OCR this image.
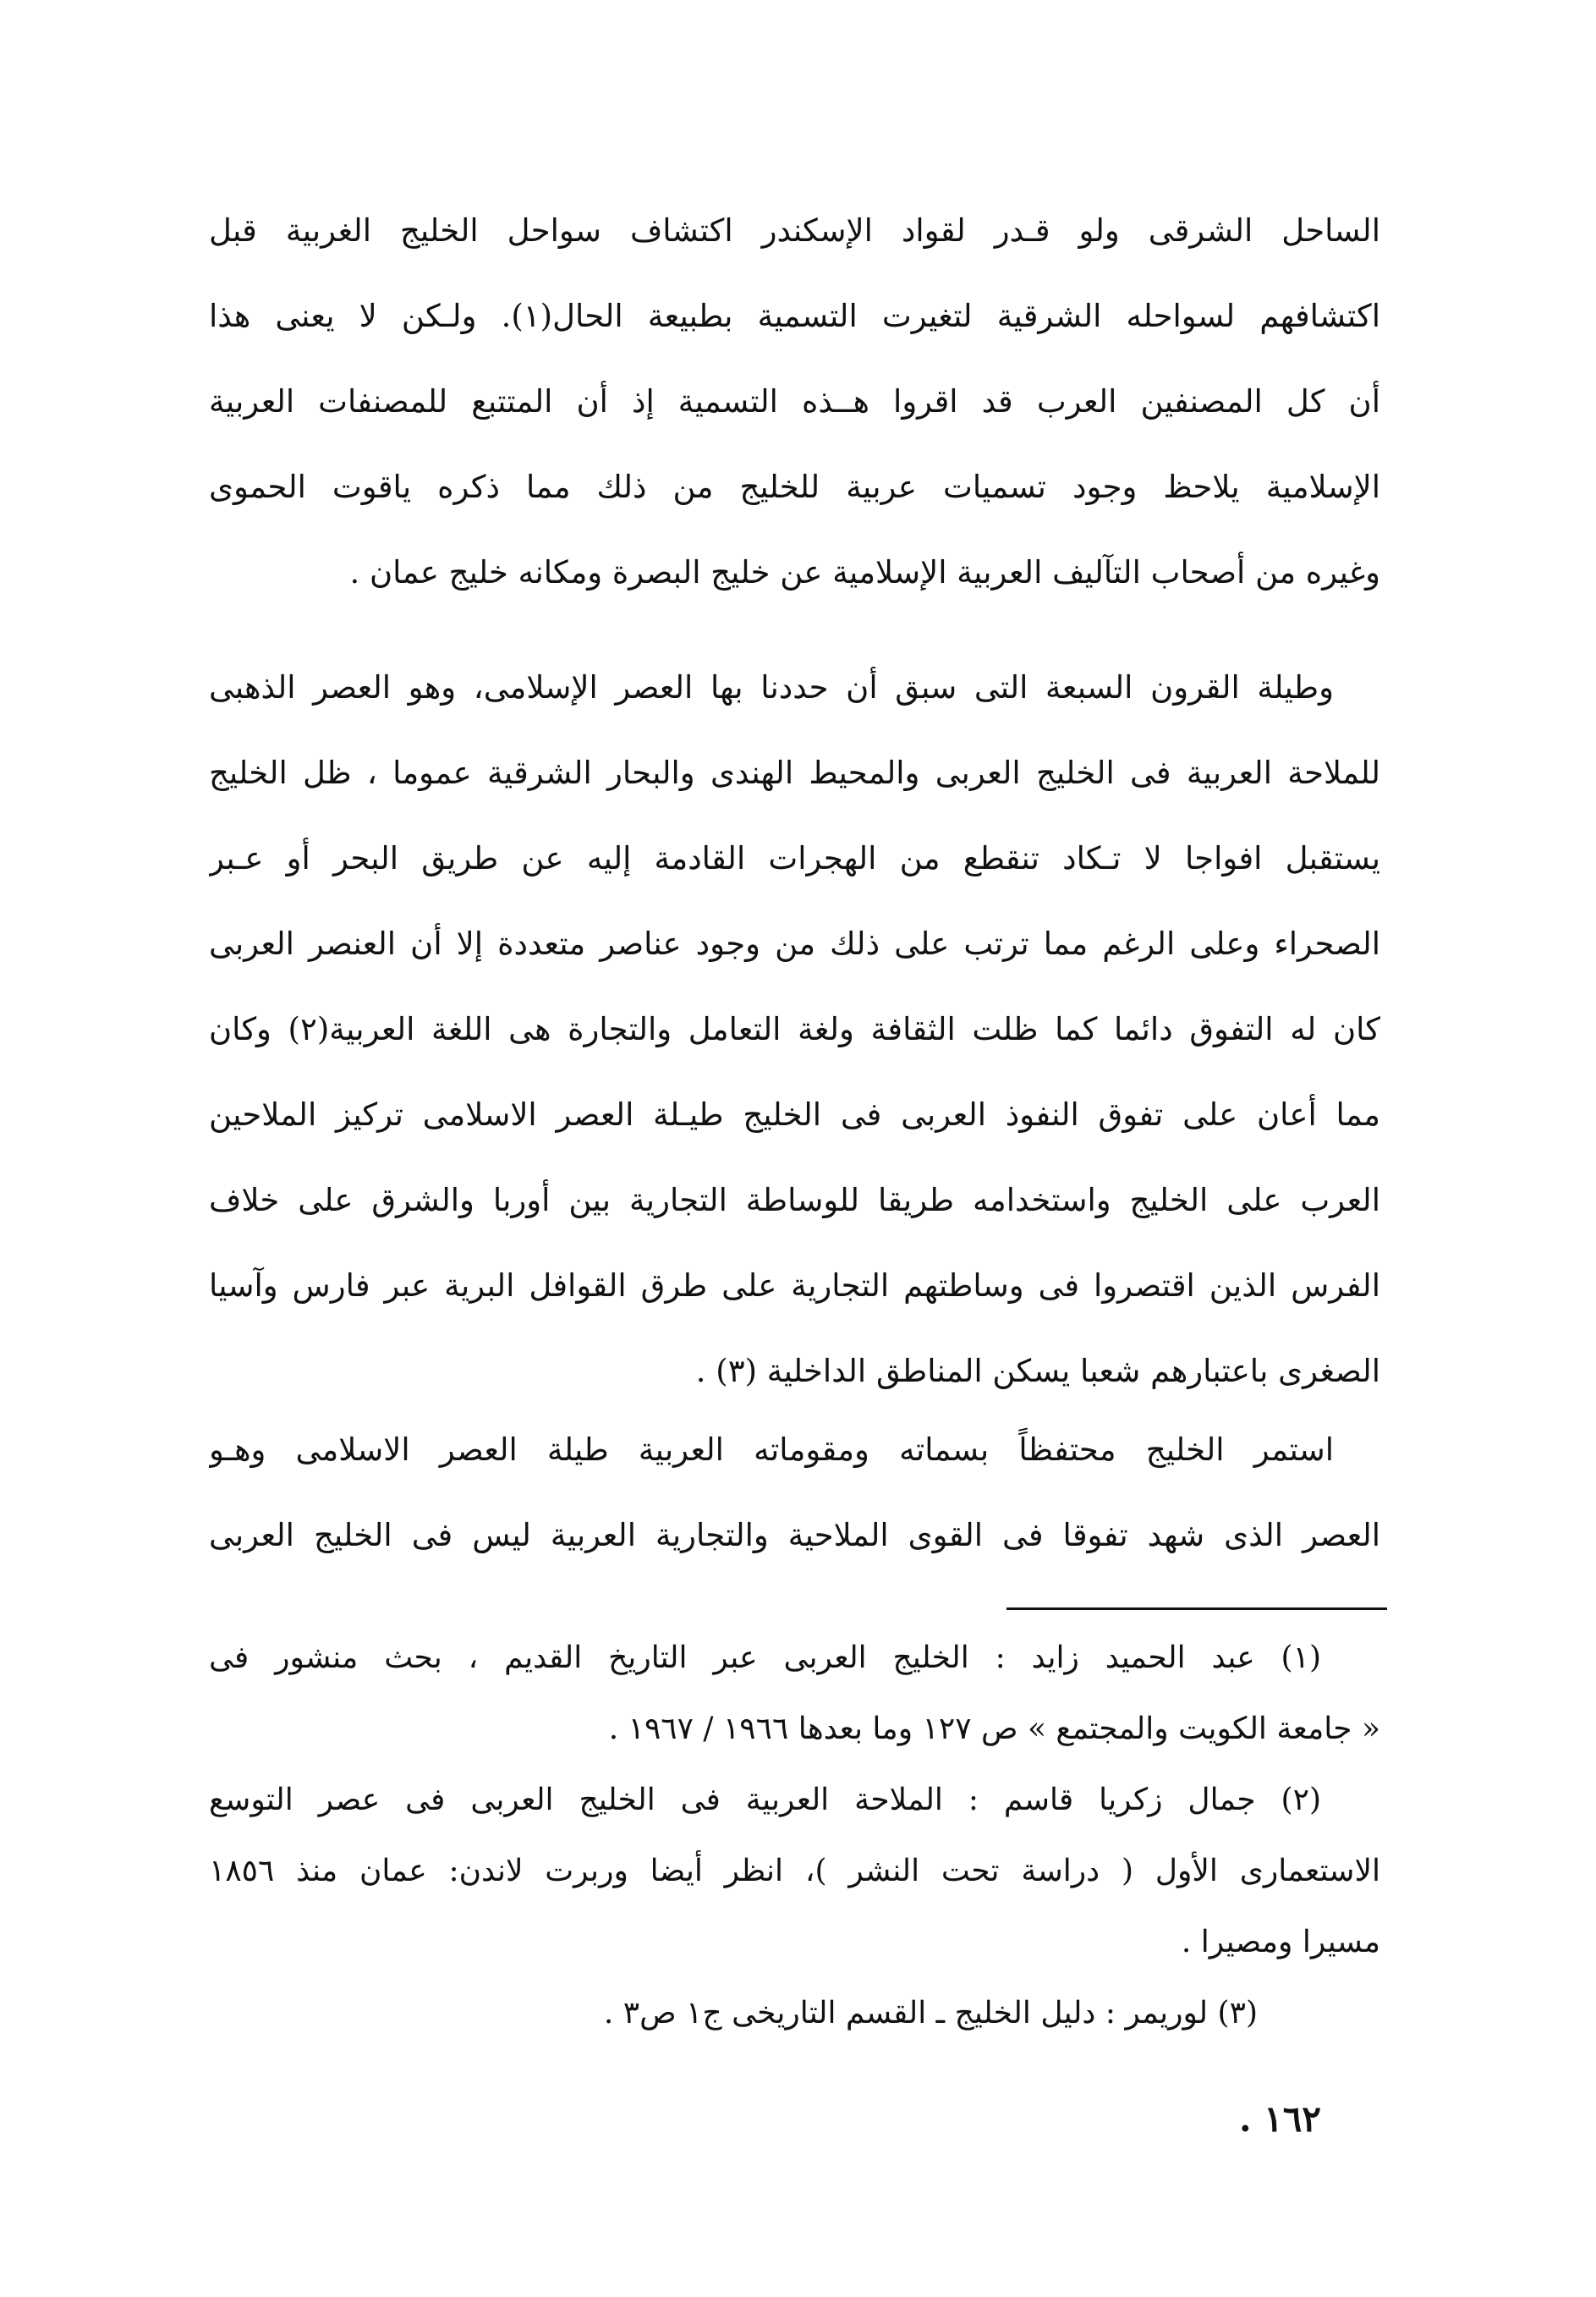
الساحل الشرقى ولو قـدر لقواد الإسكندر اكتشاف سواحل الخليج الغربية قبل
اكتشافهم لسواحله الشرقية لتغيرت التسمية بطبيعة الحال(١). ولـكن لا يعنى هذا
أن كل المصنفين العرب قد اقروا هــذه التسمية إذ أن المتتبع للمصنفات العربية
الإسلامية يلاحظ وجود تسميات عربية للخليج من ذلك مما ذكره ياقوت الحموى
وغيره من أصحاب التآليف العربية الإسلامية عن خليج البصرة ومكانه خليج عمان .
وطيلة القرون السبعة التى سبق أن حددنا بها العصر الإسلامى، وهو العصر الذهبى
للملاحة العربية فى الخليج العربى والمحيط الهندى والبحار الشرقية عموما ، ظل الخليج
يستقبل افواجا لا تـكاد تنقطع من الهجرات القادمة إليه عن طريق البحر أو عـبر
الصحراء وعلى الرغم مما ترتب على ذلك من وجود عناصر متعددة إلا أن العنصر العربى
كان له التفوق دائما كما ظلت الثقافة ولغة التعامل والتجارة هى اللغة العربية(٢) وكان
مما أعان على تفوق النفوذ العربى فى الخليج طيـلة العصر الاسلامى تركيز الملاحين
العرب على الخليج واستخدامه طريقا للوساطة التجارية بين أوربا والشرق على خلاف
الفرس الذين اقتصروا فى وساطتهم التجارية على طرق القوافل البرية عبر فارس وآسيا
الصغرى باعتبارهم شعبا يسكن المناطق الداخلية (٣) .
استمر الخليج محتفظاً بسماته ومقوماته العربية طيلة العصر الاسلامى وهـو
العصر الذى شهد تفوقا فى القوى الملاحية والتجارية العربية ليس فى الخليج العربى
(١) عبد الحميد زايد : الخليج العربى عبر التاريخ القديم ، بحث منشور فى
« جامعة الكويت والمجتمع » ص ١٢٧ وما بعدها ١٩٦٦ / ١٩٦٧ .
(٢) جمال زكريا قاسم : الملاحة العربية فى الخليج العربى فى عصر التوسع
الاستعمارى الأول ( دراسة تحت النشر )، انظر أيضا وربرت لاندن: عمان منذ ١٨٥٦
مسيرا ومصيرا .
(٣) لوريمر : دليل الخليج ـ القسم التاريخى ج١ ص٣ .
١٦٢ .
